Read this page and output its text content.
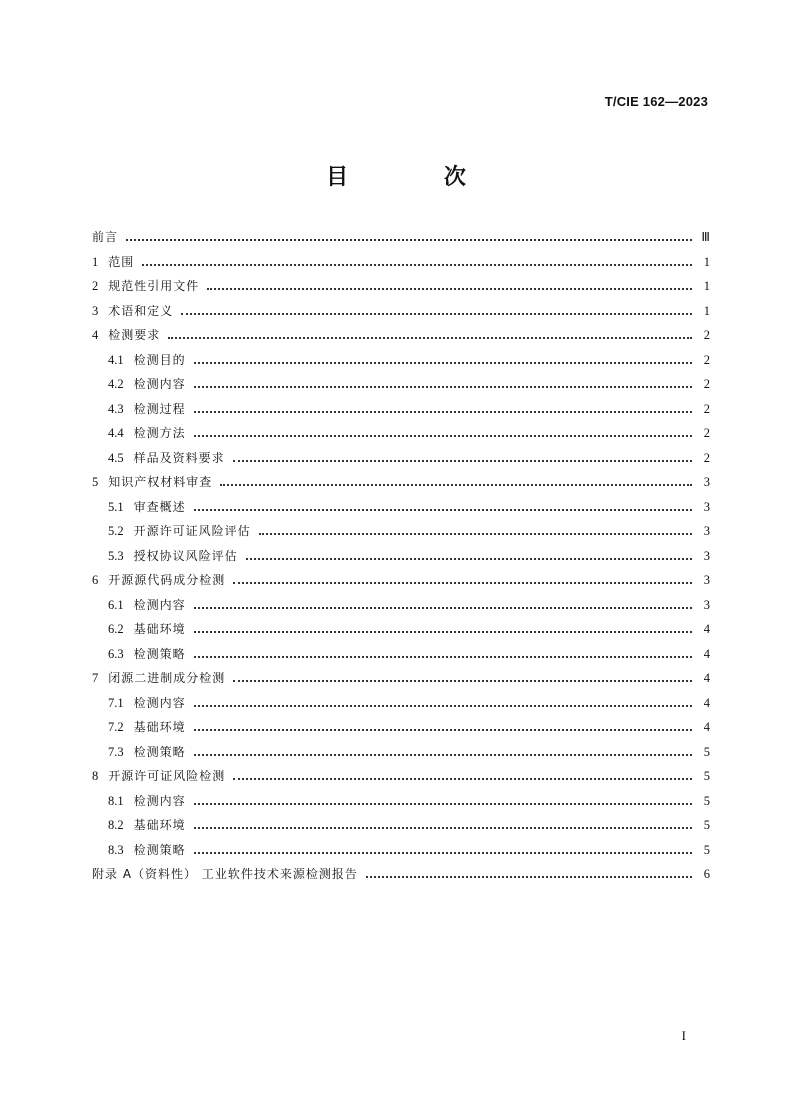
T/CIE 162—2023
目 次
前言	Ⅲ
1 范围	1
2 规范性引用文件	1
3 术语和定义	1
4 检测要求	2
4.1 检测目的	2
4.2 检测内容	2
4.3 检测过程	2
4.4 检测方法	2
4.5 样品及资料要求	2
5 知识产权材料审查	3
5.1 审查概述	3
5.2 开源许可证风险评估	3
5.3 授权协议风险评估	3
6 开源源代码成分检测	3
6.1 检测内容	3
6.2 基础环境	4
6.3 检测策略	4
7 闭源二进制成分检测	4
7.1 检测内容	4
7.2 基础环境	4
7.3 检测策略	5
8 开源许可证风险检测	5
8.1 检测内容	5
8.2 基础环境	5
8.3 检测策略	5
附录 A（资料性） 工业软件技术来源检测报告	6
I
